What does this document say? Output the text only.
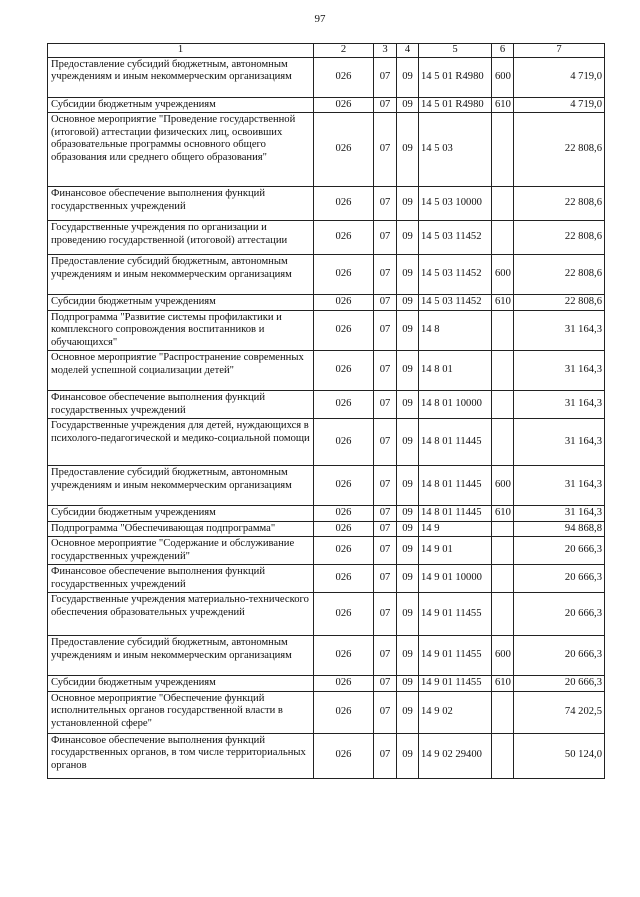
97
1	2	3	4	5	6	7
Предоставление субсидий бюджетным, автономным учреждениям и иным некоммерческим организациям	026	07	09	14 5 01 R4980	600	4 719,0
Субсидии бюджетным учреждениям	026	07	09	14 5 01 R4980	610	4 719,0
Основное мероприятие "Проведение государственной (итоговой) аттестации физических лиц, освоивших образовательные программы основного общего образования или среднего общего образования"	026	07	09	14 5 03		22 808,6
Финансовое обеспечение выполнения функций государственных учреждений	026	07	09	14 5 03 10000		22 808,6
Государственные учреждения по организации и проведению государственной (итоговой) аттестации	026	07	09	14 5 03 11452		22 808,6
Предоставление субсидий бюджетным, автономным учреждениям и иным некоммерческим организациям	026	07	09	14 5 03 11452	600	22 808,6
Субсидии бюджетным учреждениям	026	07	09	14 5 03 11452	610	22 808,6
Подпрограмма "Развитие системы профилактики и комплексного сопровождения воспитанников и обучающихся"	026	07	09	14 8		31 164,3
Основное мероприятие "Распространение современных моделей успешной социализации детей"	026	07	09	14 8 01		31 164,3
Финансовое обеспечение выполнения функций государственных учреждений	026	07	09	14 8 01 10000		31 164,3
Государственные учреждения для детей, нуждающихся в психолого-педагогической и медико-социальной помощи	026	07	09	14 8 01 11445		31 164,3
Предоставление субсидий бюджетным, автономным учреждениям и иным некоммерческим организациям	026	07	09	14 8 01 11445	600	31 164,3
Субсидии бюджетным учреждениям	026	07	09	14 8 01 11445	610	31 164,3
Подпрограмма "Обеспечивающая подпрограмма"	026	07	09	14 9		94 868,8
Основное мероприятие "Содержание и обслуживание государственных учреждений"	026	07	09	14 9 01		20 666,3
Финансовое обеспечение выполнения функций государственных учреждений	026	07	09	14 9 01 10000		20 666,3
Государственные учреждения материально-технического обеспечения образовательных учреждений	026	07	09	14 9 01 11455		20 666,3
Предоставление субсидий бюджетным, автономным учреждениям и иным некоммерческим организациям	026	07	09	14 9 01 11455	600	20 666,3
Субсидии бюджетным учреждениям	026	07	09	14 9 01 11455	610	20 666,3
Основное мероприятие "Обеспечение функций исполнительных органов государственной власти в установленной сфере"	026	07	09	14 9 02		74 202,5
Финансовое обеспечение выполнения функций государственных органов, в том числе территориальных органов	026	07	09	14 9 02 29400		50 124,0
